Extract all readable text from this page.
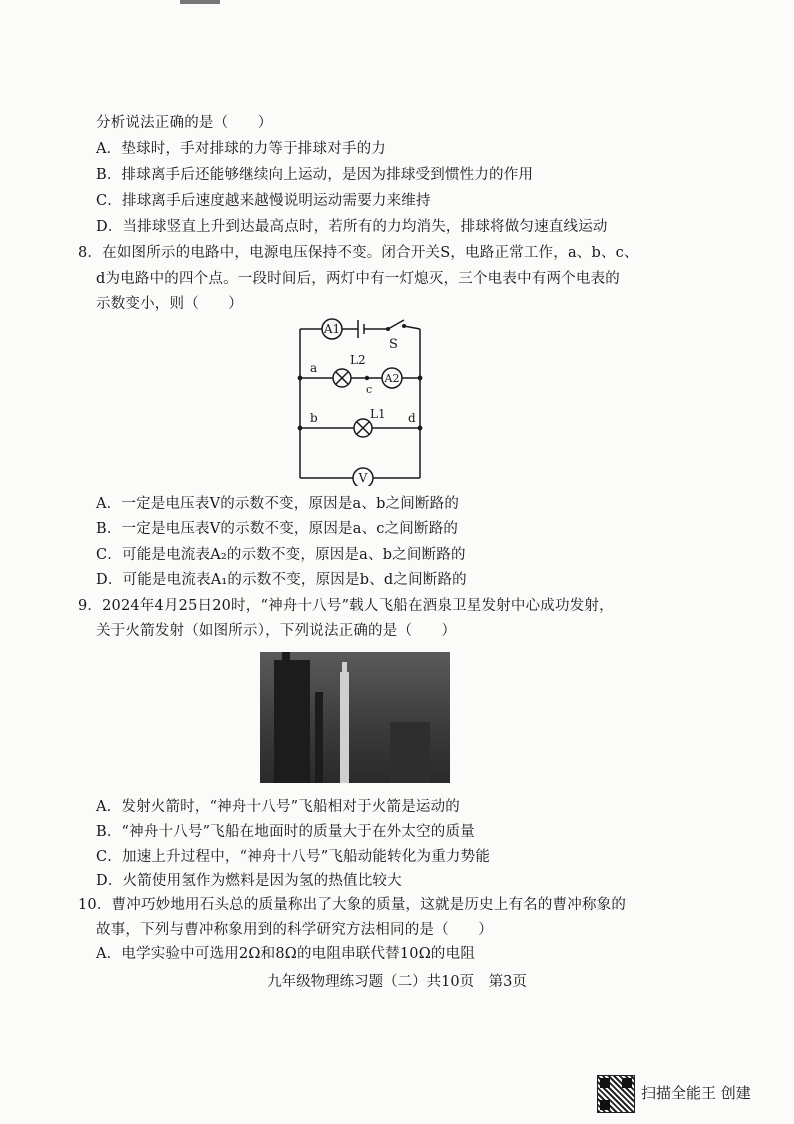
分析说法正确的是（　　）
A．垫球时，手对排球的力等于排球对手的力
B．排球离手后还能够继续向上运动，是因为排球受到惯性力的作用
C．排球离手后速度越来越慢说明运动需要力来维持
D．当排球竖直上升到达最高点时，若所有的力均消失，排球将做匀速直线运动
8．在如图所示的电路中，电源电压保持不变。闭合开关S，电路正常工作，a、b、c、
d为电路中的四个点。一段时间后，两灯中有一灯熄灭，三个电表中有两个电表的
示数变小，则（　　）
A1
A2
V
S
L2
L1
a
b
c
d
A．一定是电压表V的示数不变，原因是a、b之间断路的
B．一定是电压表V的示数不变，原因是a、c之间断路的
C．可能是电流表A₂的示数不变，原因是a、b之间断路的
D．可能是电流表A₁的示数不变，原因是b、d之间断路的
9．2024年4月25日20时，“神舟十八号”载人飞船在酒泉卫星发射中心成功发射，
关于火箭发射（如图所示），下列说法正确的是（　　）
A．发射火箭时，“神舟十八号”飞船相对于火箭是运动的
B．“神舟十八号”飞船在地面时的质量大于在外太空的质量
C．加速上升过程中，“神舟十八号”飞船动能转化为重力势能
D．火箭使用氢作为燃料是因为氢的热值比较大
10．曹冲巧妙地用石头总的质量称出了大象的质量，这就是历史上有名的曹冲称象的
故事，下列与曹冲称象用到的科学研究方法相同的是（　　）
A．电学实验中可选用2Ω和8Ω的电阻串联代替10Ω的电阻
九年级物理练习题（二）共10页　第3页
扫描全能王 创建
